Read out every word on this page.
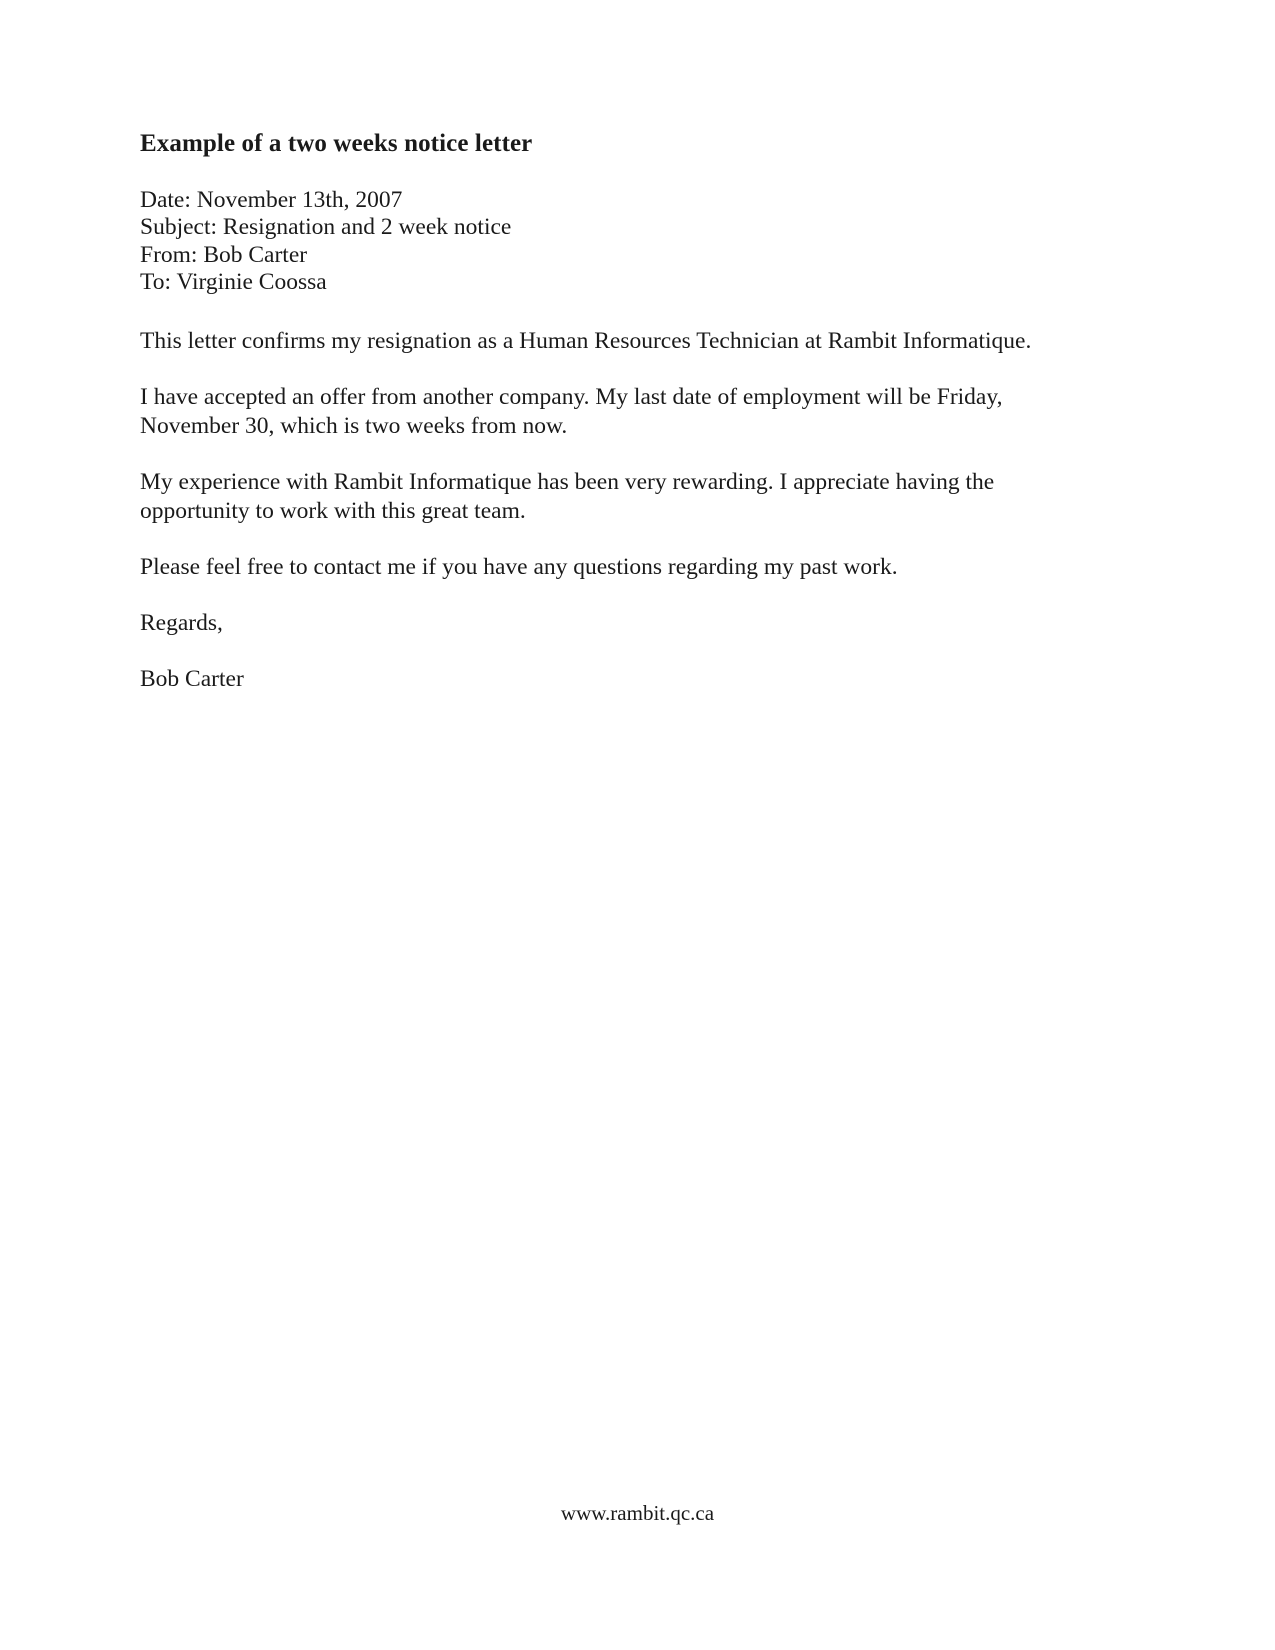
Example of a two weeks notice letter

Date: November 13th, 2007

Subject: Resignation and 2 week notice

From: Bob Carter

To: Virginie Coossa

This letter confirms my resignation as a Human Resources Technician at Rambit Informatique.

I have accepted an offer from another company. My last date of employment will be Friday, November 30, which is two weeks from now.

My experience with Rambit Informatique has been very rewarding. I appreciate having the opportunity to work with this great team.

Please feel free to contact me if you have any questions regarding my past work.

Regards,

Bob Carter

www.rambit.qc.ca
